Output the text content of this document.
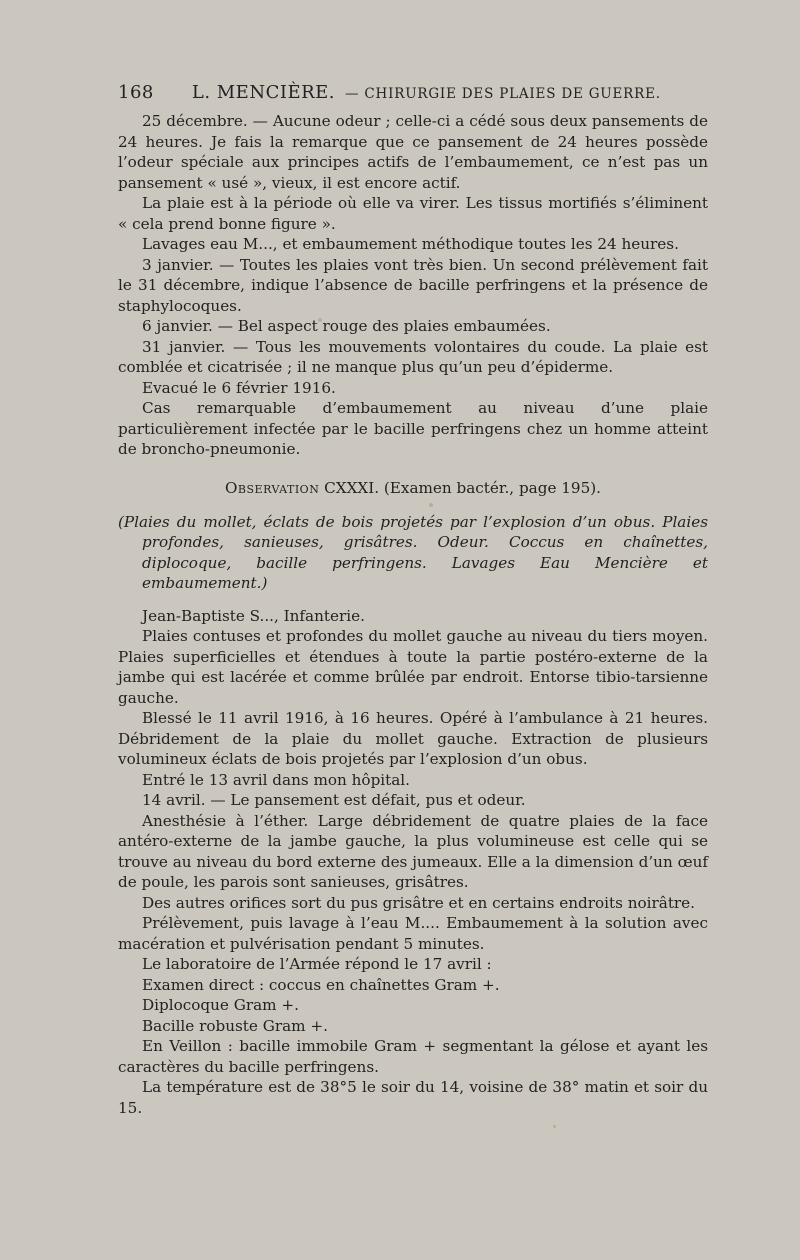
168 L. MENCIÈRE. — CHIRURGIE DES PLAIES DE GUERRE.

25 décembre. — Aucune odeur ; celle-ci a cédé sous deux pansements de 24 heures. Je fais la remarque que ce pansement de 24 heures possède l’odeur spéciale aux principes actifs de l’embaumement, ce n’est pas un pansement « usé », vieux, il est encore actif.

La plaie est à la période où elle va virer. Les tissus mortifiés s’éliminent « cela prend bonne figure ».

Lavages eau M..., et embaumement méthodique toutes les 24 heures.

3 janvier. — Toutes les plaies vont très bien. Un second prélèvement fait le 31 décembre, indique l’absence de bacille perfringens et la présence de staphylocoques.

6 janvier. — Bel aspect rouge des plaies embaumées.

31 janvier. — Tous les mouvements volontaires du coude. La plaie est comblée et cicatrisée ; il ne manque plus qu’un peu d’épiderme.

Evacué le 6 février 1916.

Cas remarquable d’embaumement au niveau d’une plaie particulièrement infectée par le bacille perfringens chez un homme atteint de broncho-pneumonie.

Observation CXXXI. (Examen bactér., page 195).

(Plaies du mollet, éclats de bois projetés par l’explosion d’un obus. Plaies profondes, sanieuses, grisâtres. Odeur. Coccus en chaînettes, diplocoque, bacille perfringens. Lavages Eau Mencière et embaumement.)

Jean-Baptiste S..., Infanterie.

Plaies contuses et profondes du mollet gauche au niveau du tiers moyen. Plaies superficielles et étendues à toute la partie postéro-externe de la jambe qui est lacérée et comme brûlée par endroit. Entorse tibio-tarsienne gauche.

Blessé le 11 avril 1916, à 16 heures. Opéré à l’ambulance à 21 heures. Débridement de la plaie du mollet gauche. Extraction de plusieurs volumineux éclats de bois projetés par l’explosion d’un obus.

Entré le 13 avril dans mon hôpital.

14 avril. — Le pansement est défait, pus et odeur.

Anesthésie à l’éther. Large débridement de quatre plaies de la face antéro-externe de la jambe gauche, la plus volumineuse est celle qui se trouve au niveau du bord externe des jumeaux. Elle a la dimension d’un œuf de poule, les parois sont sanieuses, grisâtres.

Des autres orifices sort du pus grisâtre et en certains endroits noirâtre.

Prélèvement, puis lavage à l’eau M.... Embaumement à la solution avec macération et pulvérisation pendant 5 minutes.

Le laboratoire de l’Armée répond le 17 avril :

Examen direct : coccus en chaînettes Gram +.

Diplocoque Gram +.

Bacille robuste Gram +.

En Veillon : bacille immobile Gram + segmentant la gélose et ayant les caractères du bacille perfringens.

La température est de 38°5 le soir du 14, voisine de 38° matin et soir du 15.
